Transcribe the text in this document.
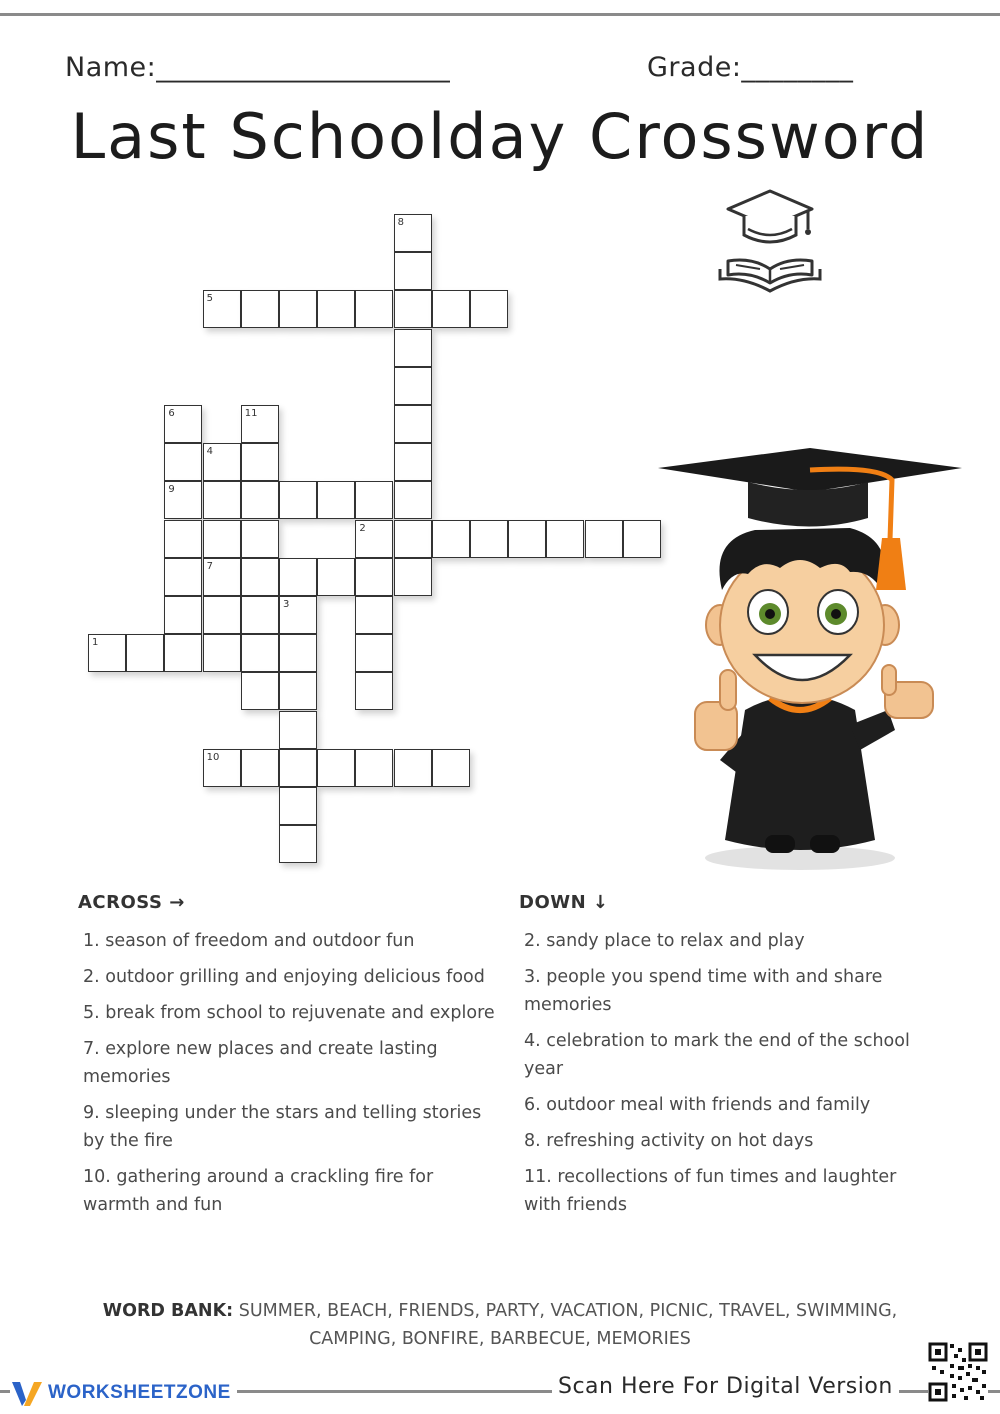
Name:_____________________	Grade:________
Last Schoolday Crossword
8
5
6	11
4
9
2
7
3
1
10
ACROSS →
1. season of freedom and outdoor fun
2. outdoor grilling and enjoying delicious food
5. break from school to rejuvenate and explore
7. explore new places and create lasting memories
9. sleeping under the stars and telling stories by the fire
10. gathering around a crackling fire for warmth and fun
DOWN ↓
2. sandy place to relax and play
3. people you spend time with and share memories
4. celebration to mark the end of the school year
6. outdoor meal with friends and family
8. refreshing activity on hot days
11. recollections of fun times and laughter with friends
WORD BANK: SUMMER, BEACH, FRIENDS, PARTY, VACATION, PICNIC, TRAVEL, SWIMMING, CAMPING, BONFIRE, BARBECUE, MEMORIES
WORKSHEETZONE	Scan Here For Digital Version
